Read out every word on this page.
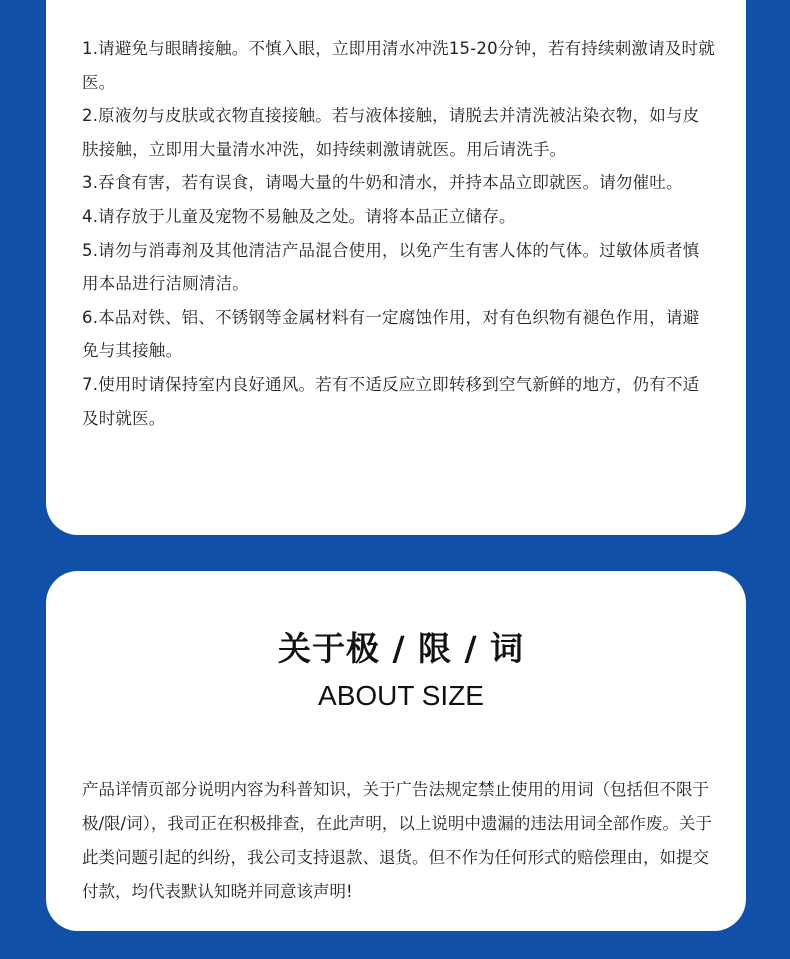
1.请避免与眼睛接触。不慎入眼，立即用清水冲洗15-20分钟，若有持续刺激请及时就医。
2.原液勿与皮肤或衣物直接接触。若与液体接触，请脱去并清洗被沾染衣物，如与皮肤接触，立即用大量清水冲洗，如持续刺激请就医。用后请洗手。
3.吞食有害，若有误食，请喝大量的牛奶和清水，并持本品立即就医。请勿催吐。
4.请存放于儿童及宠物不易触及之处。请将本品正立储存。
5.请勿与消毒剂及其他清洁产品混合使用，以免产生有害人体的气体。过敏体质者慎用本品进行洁厕清洁。
6.本品对铁、铝、不锈钢等金属材料有一定腐蚀作用，对有色织物有褪色作用，请避免与其接触。
7.使用时请保持室内良好通风。若有不适反应立即转移到空气新鲜的地方，仍有不适及时就医。
关于极 / 限 / 词

ABOUT SIZE

产品详情页部分说明内容为科普知识，关于广告法规定禁止使用的用词（包括但不限于极/限/词），我司正在积极排查，在此声明，以上说明中遗漏的违法用词全部作废。关于此类问题引起的纠纷，我公司支持退款、退货。但不作为任何形式的赔偿理由，如提交付款，均代表默认知晓并同意该声明!
